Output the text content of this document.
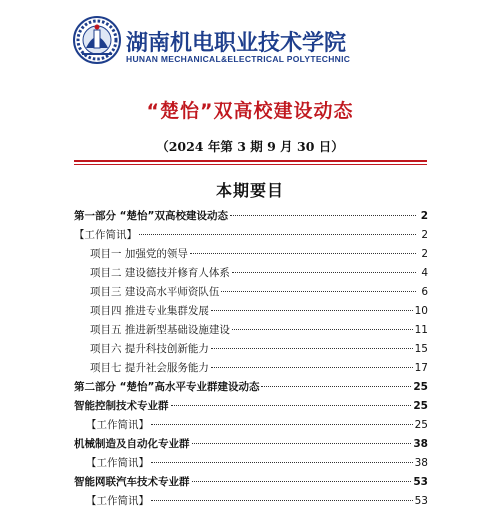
湖南机电职业技术学院
HUNAN MECHANICAL&ELECTRICAL POLYTECHNIC
“楚怡”双高校建设动态
（2024 年第 3 期 9 月 30 日）
本期要目
第一部分 “楚怡”双高校建设动态	2
【工作简讯】	2
项目一 加强党的领导	2
项目二 建设德技并修育人体系	4
项目三 建设高水平师资队伍	6
项目四 推进专业集群发展	10
项目五 推进新型基础设施建设	11
项目六 提升科技创新能力	15
项目七 提升社会服务能力	17
第二部分 “楚怡”高水平专业群建设动态	25
智能控制技术专业群	25
【工作简讯】	25
机械制造及自动化专业群	38
【工作简讯】	38
智能网联汽车技术专业群	53
【工作简讯】	53
